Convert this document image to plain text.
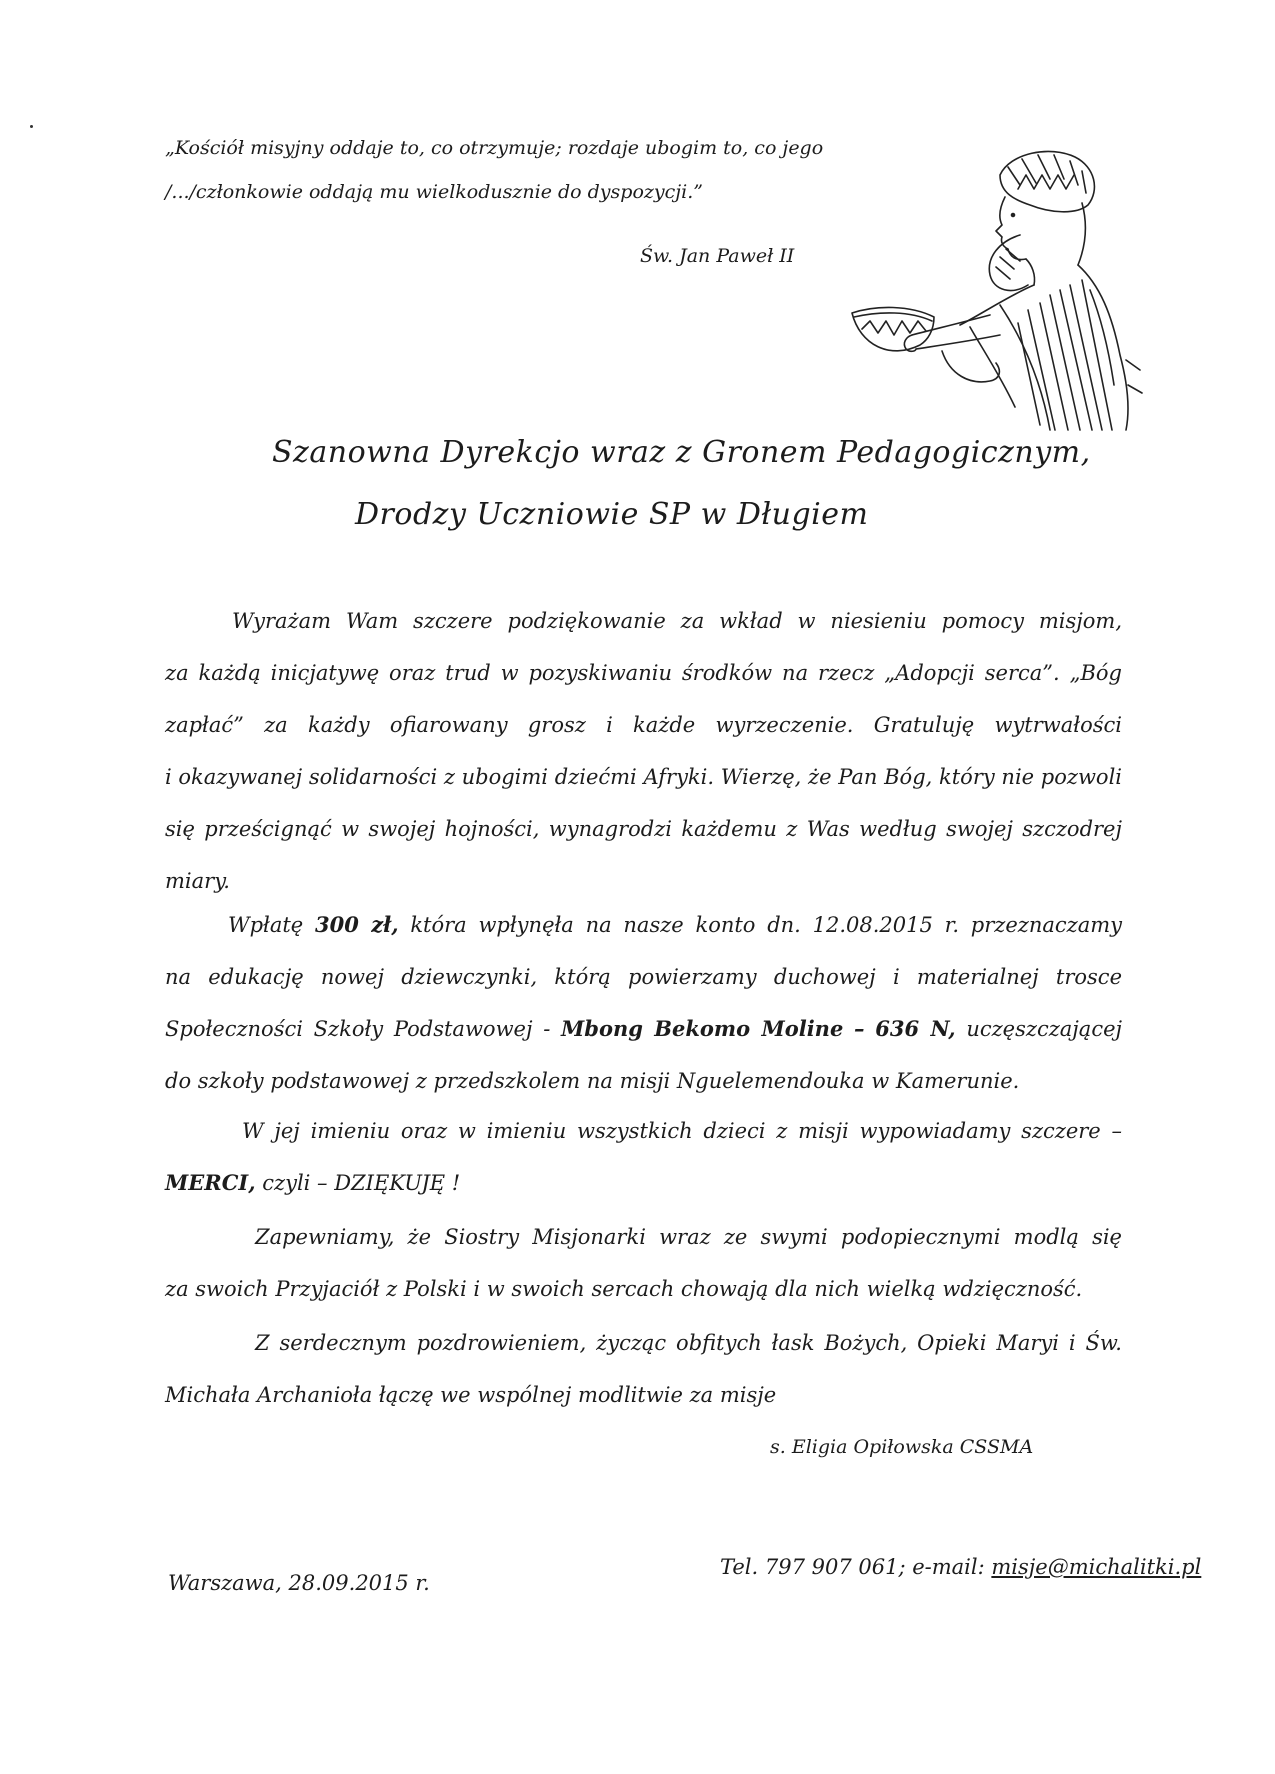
„Kościół misyjny oddaje to, co otrzymuje; rozdaje ubogim to, co jego
/.../członkowie oddają mu wielkodusznie do dyspozycji.”
Św. Jan Paweł II
Szanowna Dyrekcjo wraz z Gronem Pedagogicznym,
Drodzy Uczniowie SP w Długiem
Wyrażam Wam szczere podziękowanie za wkład w niesieniu pomocy misjom,
za każdą inicjatywę oraz trud w pozyskiwaniu środków na rzecz „Adopcji serca”. „Bóg
zapłać” za każdy ofiarowany grosz i każde wyrzeczenie. Gratuluję wytrwałości
i okazywanej solidarności z ubogimi dziećmi Afryki. Wierzę, że Pan Bóg, który nie pozwoli
się prześcignąć w swojej hojności, wynagrodzi każdemu z Was według swojej szczodrej
miary.
Wpłatę 300 zł, która wpłynęła na nasze konto dn. 12.08.2015 r. przeznaczamy
na edukację nowej dziewczynki, którą powierzamy duchowej i materialnej trosce
Społeczności Szkoły Podstawowej - Mbong Bekomo Moline – 636 N, uczęszczającej
do szkoły podstawowej z przedszkolem na misji Nguelemendouka w Kamerunie.
W jej imieniu oraz w imieniu wszystkich dzieci z misji wypowiadamy szczere –
MERCI, czyli – DZIĘKUJĘ !
Zapewniamy, że Siostry Misjonarki wraz ze swymi podopiecznymi modlą się
za swoich Przyjaciół z Polski i w swoich sercach chowają dla nich wielką wdzięczność.
Z serdecznym pozdrowieniem, życząc obfitych łask Bożych, Opieki Maryi i Św.
Michała Archanioła łączę we wspólnej modlitwie za misje
s. Eligia Opiłowska CSSMA
Warszawa, 28.09.2015 r.
Tel. 797 907 061; e-mail: misje@michalitki.pl
